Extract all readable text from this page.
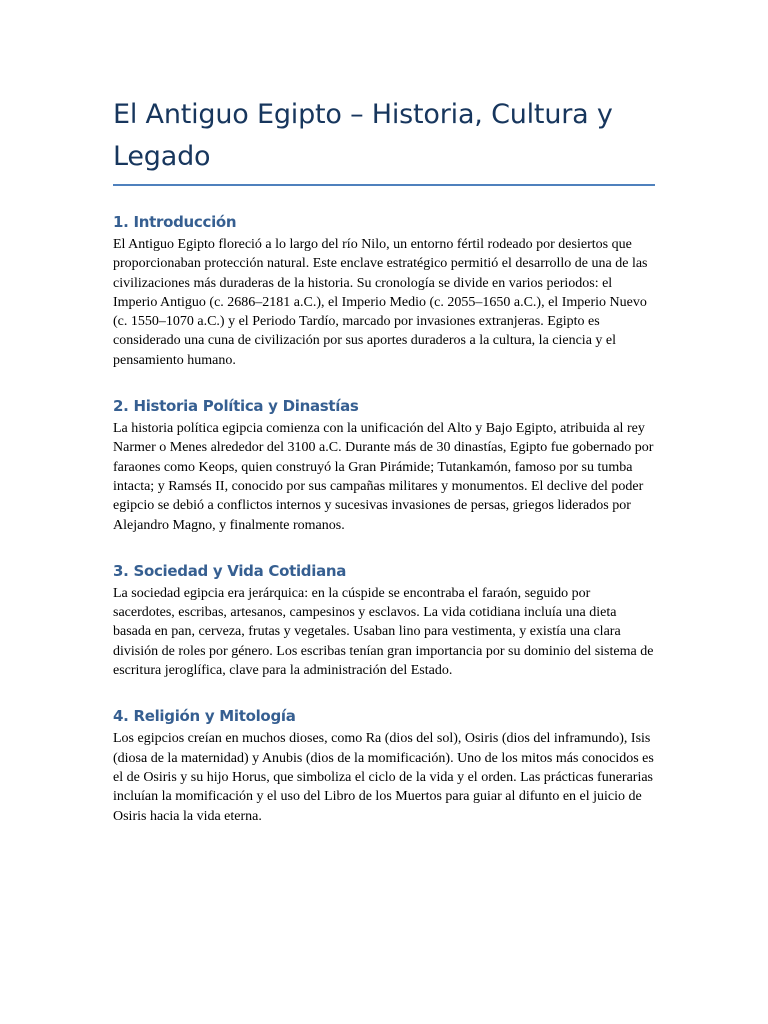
El Antiguo Egipto – Historia, Cultura y Legado
1. Introducción

El Antiguo Egipto floreció a lo largo del río Nilo, un entorno fértil rodeado por desiertos que proporcionaban protección natural. Este enclave estratégico permitió el desarrollo de una de las civilizaciones más duraderas de la historia. Su cronología se divide en varios periodos: el Imperio Antiguo (c. 2686–2181 a.C.), el Imperio Medio (c. 2055–1650 a.C.), el Imperio Nuevo (c. 1550–1070 a.C.) y el Periodo Tardío, marcado por invasiones extranjeras. Egipto es considerado una cuna de civilización por sus aportes duraderos a la cultura, la ciencia y el pensamiento humano.

2. Historia Política y Dinastías

La historia política egipcia comienza con la unificación del Alto y Bajo Egipto, atribuida al rey Narmer o Menes alrededor del 3100 a.C. Durante más de 30 dinastías, Egipto fue gobernado por faraones como Keops, quien construyó la Gran Pirámide; Tutankamón, famoso por su tumba intacta; y Ramsés II, conocido por sus campañas militares y monumentos. El declive del poder egipcio se debió a conflictos internos y sucesivas invasiones de persas, griegos liderados por Alejandro Magno, y finalmente romanos.

3. Sociedad y Vida Cotidiana

La sociedad egipcia era jerárquica: en la cúspide se encontraba el faraón, seguido por sacerdotes, escribas, artesanos, campesinos y esclavos. La vida cotidiana incluía una dieta basada en pan, cerveza, frutas y vegetales. Usaban lino para vestimenta, y existía una clara división de roles por género. Los escribas tenían gran importancia por su dominio del sistema de escritura jeroglífica, clave para la administración del Estado.

4. Religión y Mitología

Los egipcios creían en muchos dioses, como Ra (dios del sol), Osiris (dios del inframundo), Isis (diosa de la maternidad) y Anubis (dios de la momificación). Uno de los mitos más conocidos es el de Osiris y su hijo Horus, que simboliza el ciclo de la vida y el orden. Las prácticas funerarias incluían la momificación y el uso del Libro de los Muertos para guiar al difunto en el juicio de Osiris hacia la vida eterna.
